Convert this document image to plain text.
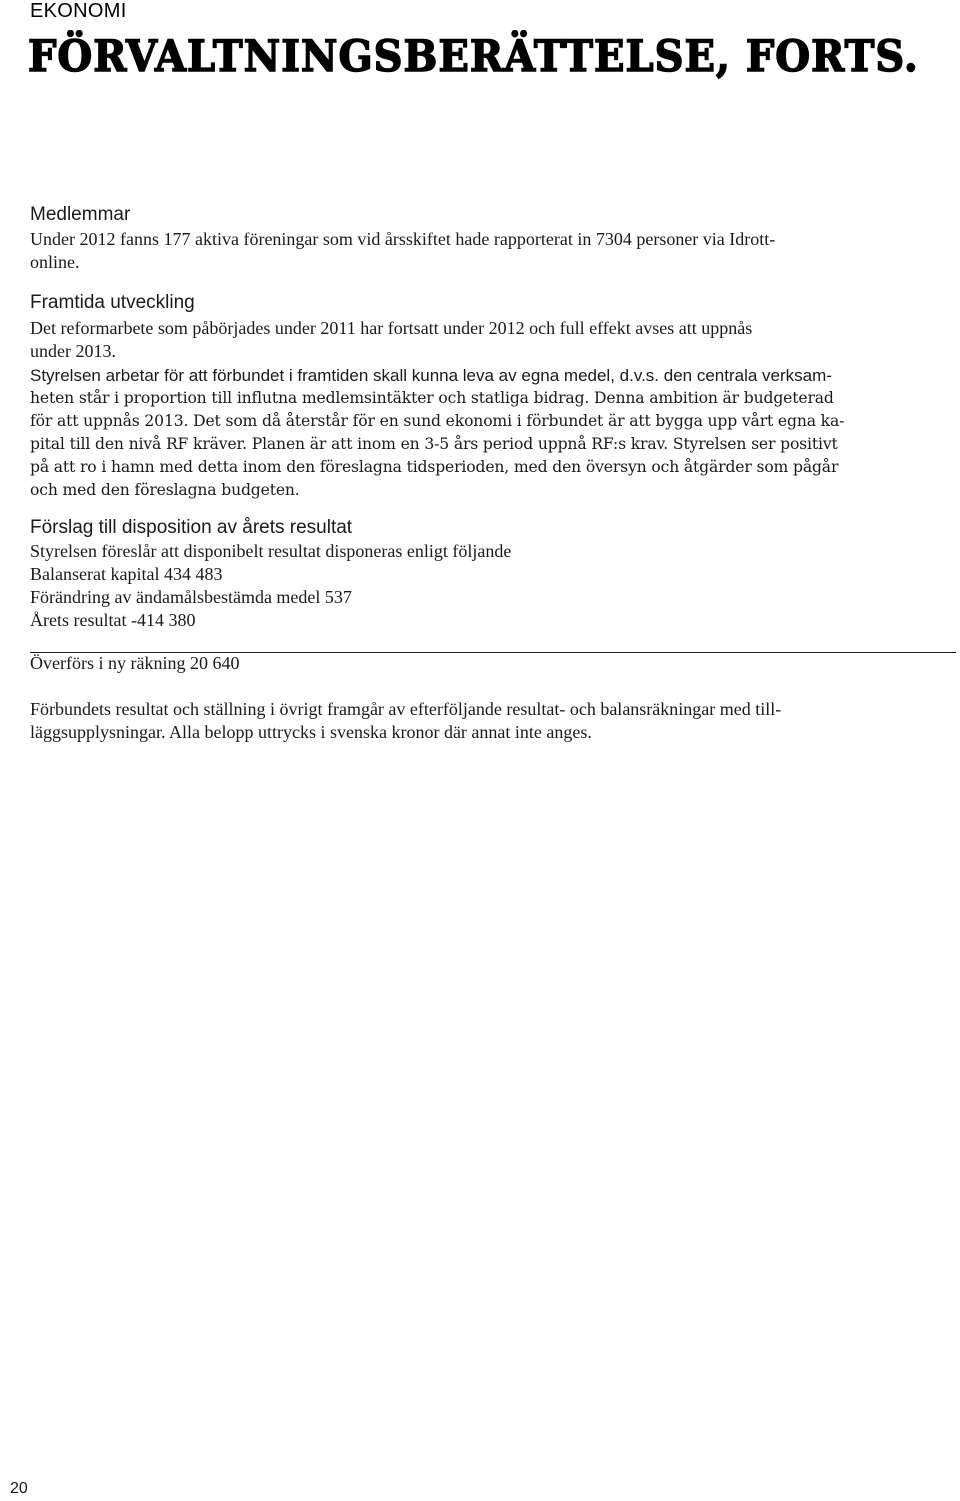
EKONOMI
FÖRVALTNINGSBERÄTTELSE, FORTS.

Medlemmar

Under 2012 fanns 177 aktiva föreningar som vid årsskiftet hade rapporterat in 7304 personer via Idrott-
online.

Framtida utveckling

Det reformarbete som påbörjades under 2011 har fortsatt under 2012 och full effekt avses att uppnås
under 2013.

Styrelsen arbetar för att förbundet i framtiden skall kunna leva av egna medel, d.v.s. den centrala verksam-

heten står i proportion till influtna medlemsintäkter och statliga bidrag. Denna ambition är budgeterad
för att uppnås 2013. Det som då återstår för en sund ekonomi i förbundet är att bygga upp vårt egna ka-
pital till den nivå RF kräver. Planen är att inom en 3-5 års period uppnå RF:s krav. Styrelsen ser positivt
på att ro i hamn med detta inom den föreslagna tidsperioden, med den översyn och åtgärder som pågår
och med den föreslagna budgeten.

Förslag till disposition av årets resultat

Styrelsen föreslår att disponibelt resultat disponeras enligt följande

Balanserat kapital 434 483
Förändring av ändamålsbestämda medel 537
Årets resultat -414 380

Överförs i ny räkning 20 640

Förbundets resultat och ställning i övrigt framgår av efterföljande resultat- och balansräkningar med till-
läggsupplysningar. Alla belopp uttrycks i svenska kronor där annat inte anges.

20
